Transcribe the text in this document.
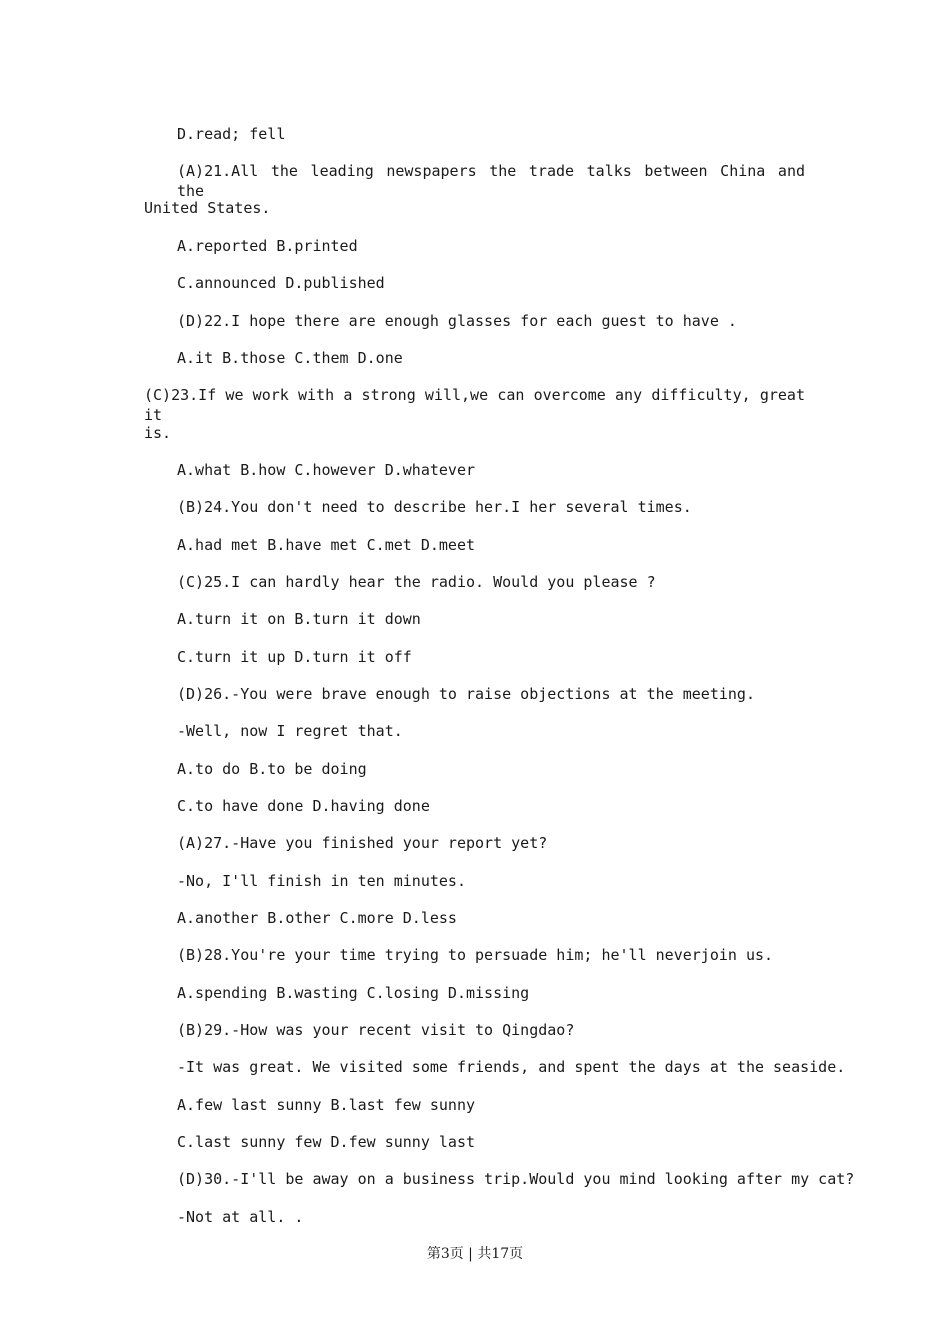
D.read; fell
(A)21.All the leading newspapers the trade talks between China and the
United States.
A.reported B.printed
C.announced D.published
(D)22.I hope there are enough glasses for each guest to have .
A.it B.those C.them D.one
(C)23.If we work with a strong will,we can overcome any difficulty, great it
is.
A.what B.how C.however D.whatever
(B)24.You don't need to describe her.I her several times.
A.had met B.have met C.met D.meet
(C)25.I can hardly hear the radio. Would you please ?
A.turn it on B.turn it down
C.turn it up D.turn it off
(D)26.-You were brave enough to raise objections at the meeting.
-Well, now I regret that.
A.to do B.to be doing
C.to have done D.having done
(A)27.-Have you finished your report yet?
-No, I'll finish in ten minutes.
A.another B.other C.more D.less
(B)28.You're your time trying to persuade him; he'll neverjoin us.
A.spending B.wasting C.losing D.missing
(B)29.-How was your recent visit to Qingdao?
-It was great. We visited some friends, and spent the days at the seaside.
A.few last sunny B.last few sunny
C.last sunny few D.few sunny last
(D)30.-I'll be away on a business trip.Would you mind looking after my cat?
-Not at all. .
第3页 | 共17页
